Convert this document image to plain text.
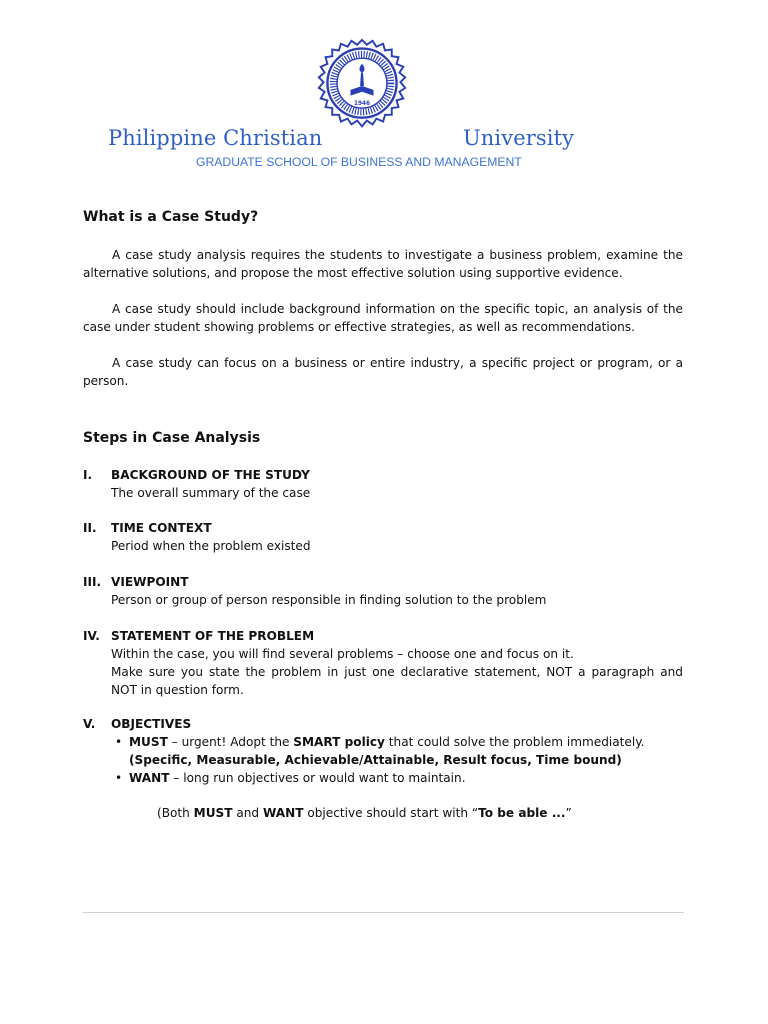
1946
Philippine Christian	University
GRADUATE SCHOOL OF BUSINESS AND MANAGEMENT
What is a Case Study?

A case study analysis requires the students to investigate a business problem, examine the alternative solutions, and propose the most effective solution using supportive evidence.

A case study should include background information on the specific topic, an analysis of the case under student showing problems or effective strategies, as well as recommendations.

A case study can focus on a business or entire industry, a specific project or program, or a person.

Steps in Case Analysis
I. BACKGROUND OF THE STUDY
The overall summary of the case
II. TIME CONTEXT
Period when the problem existed
III. VIEWPOINT
Person or group of person responsible in finding solution to the problem
IV. STATEMENT OF THE PROBLEM
Within the case, you will find several problems – choose one and focus on it.
Make sure you state the problem in just one declarative statement, NOT a paragraph and NOT in question form.
V. OBJECTIVES
• MUST – urgent! Adopt the SMART policy that could solve the problem immediately.
(Specific, Measurable, Achievable/Attainable, Result focus, Time bound)
• WANT – long run objectives or would want to maintain.
(Both MUST and WANT objective should start with “To be able ...”
